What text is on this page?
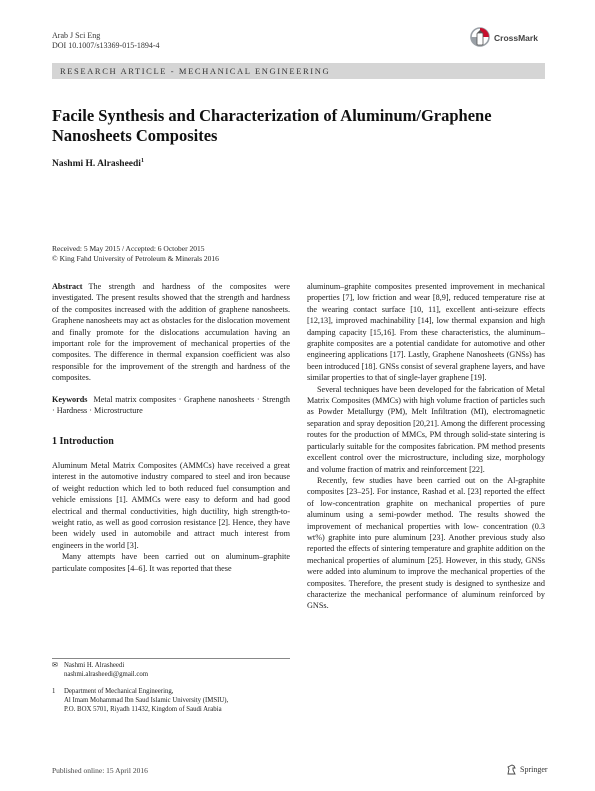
Arab J Sci Eng
DOI 10.1007/s13369-015-1894-4
CrossMark
RESEARCH ARTICLE - MECHANICAL ENGINEERING
Facile Synthesis and Characterization of Aluminum/Graphene Nanosheets Composites
Nashmi H. Alrasheedi$^1$
Received: 5 May 2015 / Accepted: 6 October 2015
© King Fahd University of Petroleum & Minerals 2016

Abstract The strength and hardness of the composites were investigated. The present results showed that the strength and hardness of the composites increased with the addition of graphene nanosheets. Graphene nanosheets may act as obstacles for the dislocation movement and finally promote for the dislocations accumulation having an important role for the improvement of mechanical properties of the composites. The difference in thermal expansion coefficient was also responsible for the improvement of the strength and hardness of the composites.

Keywords Metal matrix composites · Graphene nanosheets · Strength · Hardness · Microstructure

1 Introduction

Aluminum Metal Matrix Composites (AMMCs) have received a great interest in the automotive industry compared to steel and iron because of weight reduction which led to both reduced fuel consumption and vehicle emissions [1]. AMMCs were easy to deform and had good electrical and thermal conductivities, high ductility, high strength-to-weight ratio, as well as good corrosion resistance [2]. Hence, they have been widely used in automobile and attract much interest from engineers in the world [3].

Many attempts have been carried out on aluminum–graphite particulate composites [4–6]. It was reported that these

aluminum–graphite composites presented improvement in mechanical properties [7], low friction and wear [8,9], reduced temperature rise at the wearing contact surface [10, 11], excellent anti-seizure effects [12,13], improved machinability [14], low thermal expansion and high damping capacity [15,16]. From these characteristics, the aluminum–graphite composites are a potential candidate for automotive and other engineering applications [17]. Lastly, Graphene Nanosheets (GNSs) has been introduced [18]. GNSs consist of several graphene layers, and have similar properties to that of single-layer graphene [19].

Several techniques have been developed for the fabrication of Metal Matrix Composites (MMCs) with high volume fraction of particles such as Powder Metallurgy (PM), Melt Infiltration (MI), electromagnetic separation and spray deposition [20,21]. Among the different processing routes for the production of MMCs, PM through solid-state sintering is particularly suitable for the composites fabrication. PM method presents excellent control over the microstructure, including size, morphology and volume fraction of matrix and reinforcement [22].

Recently, few studies have been carried out on the Al-graphite composites [23–25]. For instance, Rashad et al. [23] reported the effect of low-concentration graphite on mechanical properties of pure aluminum using a semi-powder method. The results showed the improvement of mechanical properties with low- concentration (0.3 wt%) graphite into pure aluminum [23]. Another previous study also reported the effects of sintering temperature and graphite addition on the mechanical properties of aluminum [25]. However, in this study, GNSs were added into aluminum to improve the mechanical properties of the composites. Therefore, the present study is designed to synthesize and characterize the mechanical performance of aluminum reinforced by GNSs.

✉ Nashmi H. Alrasheedi
nashmi.alrasheedi@gmail.com
1 Department of Mechanical Engineering,
Al Imam Mohammad Ibn Saud Islamic University (IMSIU),
P.O. BOX 5701, Riyadh 11432, Kingdom of Saudi Arabia
Published online: 15 April 2016	Springer
